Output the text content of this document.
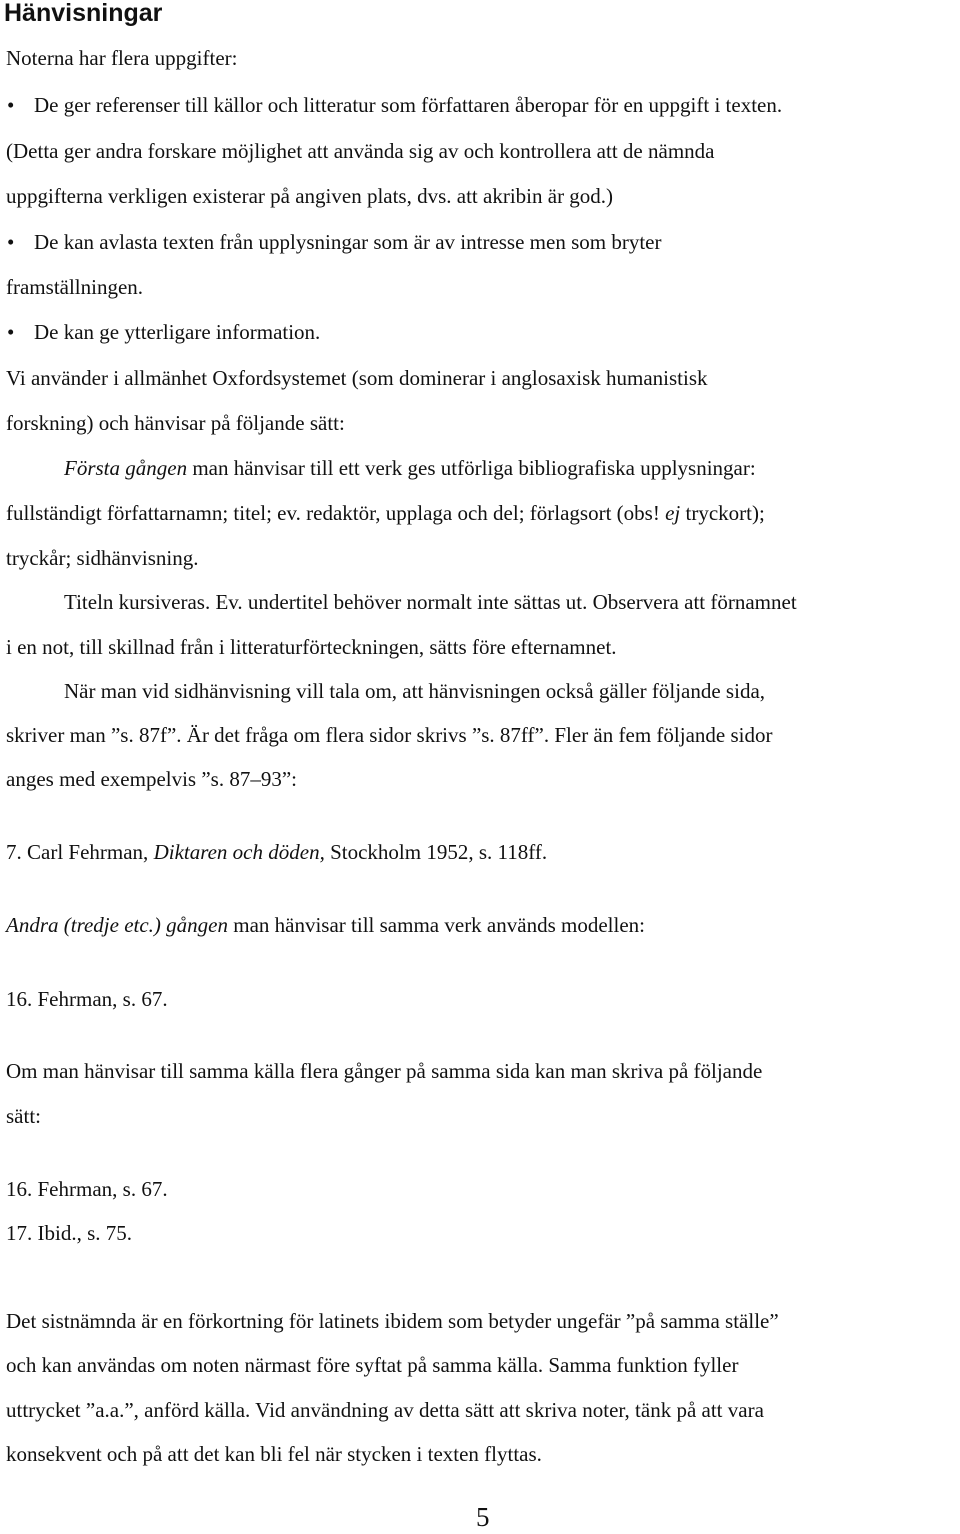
Hänvisningar

Noterna har flera uppgifter:

• De ger referenser till källor och litteratur som författaren åberopar för en uppgift i texten.

(Detta ger andra forskare möjlighet att använda sig av och kontrollera att de nämnda

uppgifterna verkligen existerar på angiven plats, dvs. att akribin är god.)

• De kan avlasta texten från upplysningar som är av intresse men som bryter

framställningen.

• De kan ge ytterligare information.

Vi använder i allmänhet Oxfordsystemet (som dominerar i anglosaxisk humanistisk

forskning) och hänvisar på följande sätt:

Första gången man hänvisar till ett verk ges utförliga bibliografiska upplysningar:

fullständigt författarnamn; titel; ev. redaktör, upplaga och del; förlagsort (obs! ej tryckort);

tryckår; sidhänvisning.

Titeln kursiveras. Ev. undertitel behöver normalt inte sättas ut. Observera att förnamnet

i en not, till skillnad från i litteraturförteckningen, sätts före efternamnet.

När man vid sidhänvisning vill tala om, att hänvisningen också gäller följande sida,

skriver man ”s. 87f”. Är det fråga om flera sidor skrivs ”s. 87ff”. Fler än fem följande sidor

anges med exempelvis ”s. 87–93”:

7. Carl Fehrman, Diktaren och döden, Stockholm 1952, s. 118ff.

Andra (tredje etc.) gången man hänvisar till samma verk används modellen:

16. Fehrman, s. 67.

Om man hänvisar till samma källa flera gånger på samma sida kan man skriva på följande

sätt:

16. Fehrman, s. 67.

17. Ibid., s. 75.

Det sistnämnda är en förkortning för latinets ibidem som betyder ungefär ”på samma ställe”

och kan användas om noten närmast före syftat på samma källa. Samma funktion fyller

uttrycket ”a.a.”, anförd källa. Vid användning av detta sätt att skriva noter, tänk på att vara

konsekvent och på att det kan bli fel när stycken i texten flyttas.

5
